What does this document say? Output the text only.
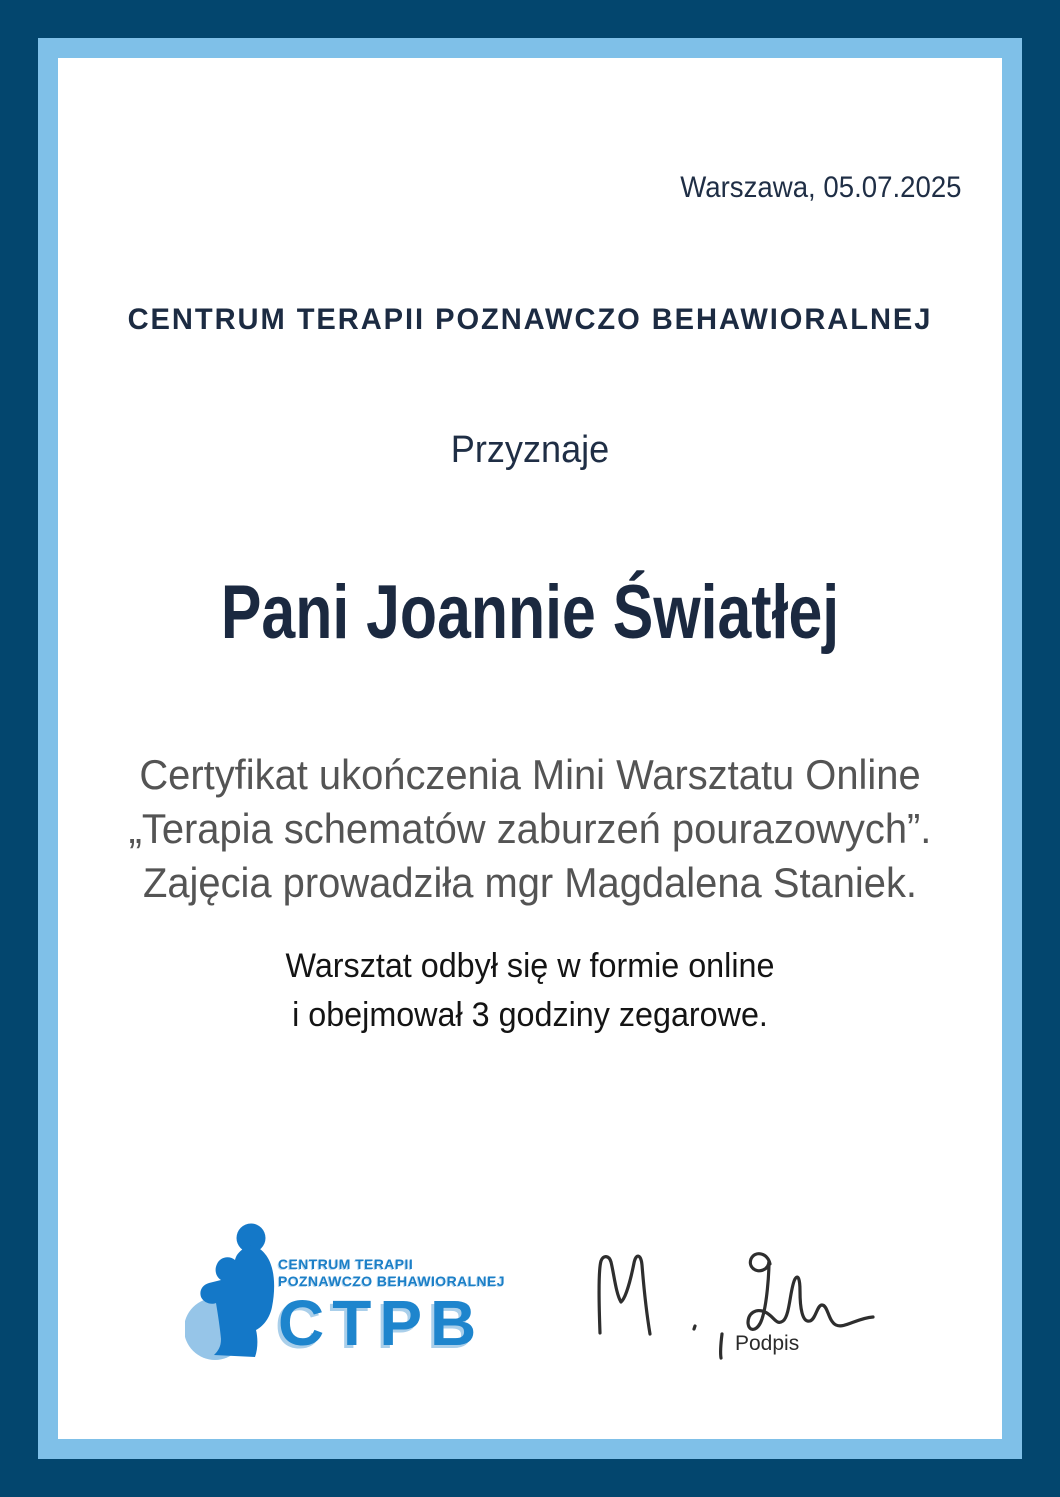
Warszawa, 05.07.2025
CENTRUM TERAPII POZNAWCZO BEHAWIORALNEJ
Przyznaje
Pani Joannie Światłej
Certyfikat ukończenia Mini Warsztatu Online
„Terapia schematów zaburzeń pourazowych”.
Zajęcia prowadziła mgr Magdalena Staniek.
Warsztat odbył się w formie online
i obejmował 3 godziny zegarowe.
CENTRUM TERAPII
POZNAWCZO BEHAWIORALNEJ
CTPB	Podpis
